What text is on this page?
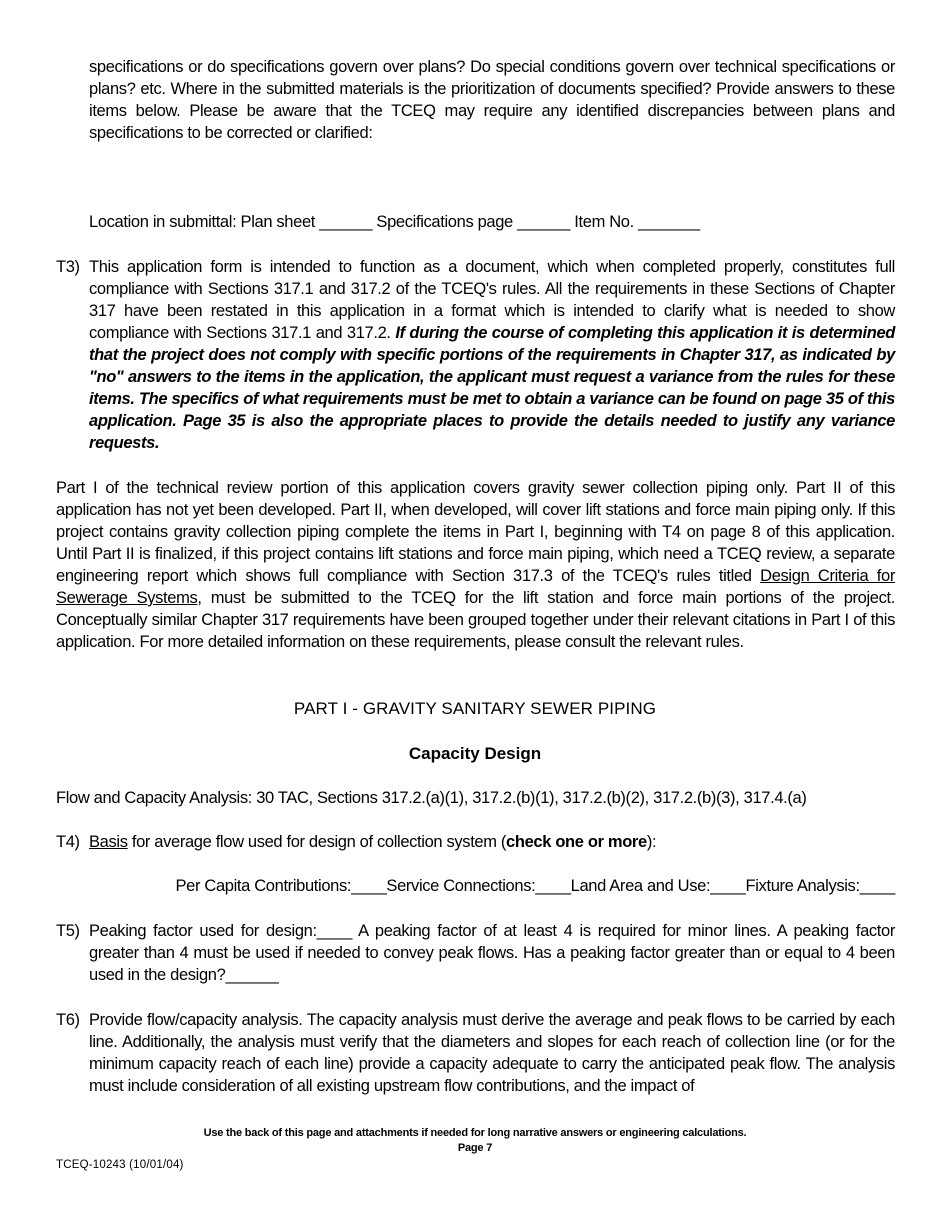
specifications or do specifications govern over plans? Do special conditions govern over technical specifications or plans? etc. Where in the submitted materials is the prioritization of documents specified? Provide answers to these items below. Please be aware that the TCEQ may require any identified discrepancies between plans and specifications to be corrected or clarified:
Location in submittal: Plan sheet ______ Specifications page ______ Item No. _______
T3) This application form is intended to function as a document, which when completed properly, constitutes full compliance with Sections 317.1 and 317.2 of the TCEQ's rules. All the requirements in these Sections of Chapter 317 have been restated in this application in a format which is intended to clarify what is needed to show compliance with Sections 317.1 and 317.2. If during the course of completing this application it is determined that the project does not comply with specific portions of the requirements in Chapter 317, as indicated by "no" answers to the items in the application, the applicant must request a variance from the rules for these items. The specifics of what requirements must be met to obtain a variance can be found on page 35 of this application. Page 35 is also the appropriate places to provide the details needed to justify any variance requests.
Part I of the technical review portion of this application covers gravity sewer collection piping only. Part II of this application has not yet been developed. Part II, when developed, will cover lift stations and force main piping only. If this project contains gravity collection piping complete the items in Part I, beginning with T4 on page 8 of this application. Until Part II is finalized, if this project contains lift stations and force main piping, which need a TCEQ review, a separate engineering report which shows full compliance with Section 317.3 of the TCEQ's rules titled Design Criteria for Sewerage Systems, must be submitted to the TCEQ for the lift station and force main portions of the project. Conceptually similar Chapter 317 requirements have been grouped together under their relevant citations in Part I of this application. For more detailed information on these requirements, please consult the relevant rules.
PART I - GRAVITY SANITARY SEWER PIPING
Capacity Design
Flow and Capacity Analysis: 30 TAC, Sections 317.2.(a)(1), 317.2.(b)(1), 317.2.(b)(2), 317.2.(b)(3), 317.4.(a)
T4) Basis for average flow used for design of collection system (check one or more):
Per Capita Contributions:____Service Connections:____Land Area and Use:____Fixture Analysis:____
T5) Peaking factor used for design:____ A peaking factor of at least 4 is required for minor lines. A peaking factor greater than 4 must be used if needed to convey peak flows. Has a peaking factor greater than or equal to 4 been used in the design?______
T6) Provide flow/capacity analysis. The capacity analysis must derive the average and peak flows to be carried by each line. Additionally, the analysis must verify that the diameters and slopes for each reach of collection line (or for the minimum capacity reach of each line) provide a capacity adequate to carry the anticipated peak flow. The analysis must include consideration of all existing upstream flow contributions, and the impact of
Use the back of this page and attachments if needed for long narrative answers or engineering calculations.
Page 7
TCEQ-10243 (10/01/04)
